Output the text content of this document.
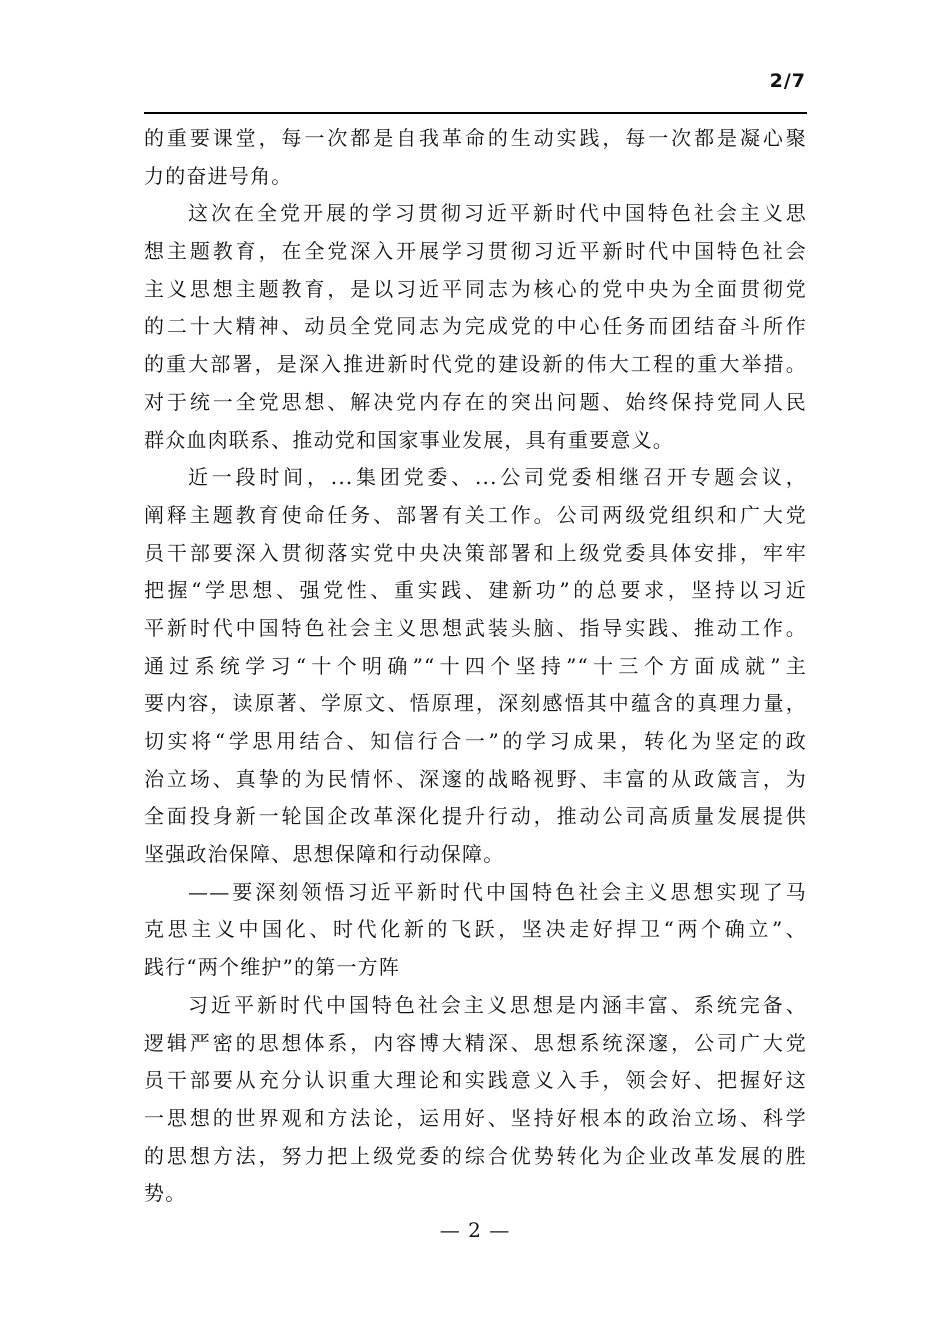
2/7
的重要课堂，每一次都是自我革命的生动实践，每一次都是凝心聚
力的奋进号角。
这次在全党开展的学习贯彻习近平新时代中国特色社会主义思
想主题教育，在全党深入开展学习贯彻习近平新时代中国特色社会
主义思想主题教育，是以习近平同志为核心的党中央为全面贯彻党
的二十大精神、动员全党同志为完成党的中心任务而团结奋斗所作
的重大部署，是深入推进新时代党的建设新的伟大工程的重大举措。
对于统一全党思想、解决党内存在的突出问题、始终保持党同人民
群众血肉联系、推动党和国家事业发展，具有重要意义。
近一段时间，...集团党委、...公司党委相继召开专题会议，
阐释主题教育使命任务、部署有关工作。公司两级党组织和广大党
员干部要深入贯彻落实党中央决策部署和上级党委具体安排，牢牢
把握“学思想、强党性、重实践、建新功”的总要求，坚持以习近
平新时代中国特色社会主义思想武装头脑、指导实践、推动工作。
通过系统学习“十个明确”“十四个坚持”“十三个方面成就”主
要内容，读原著、学原文、悟原理，深刻感悟其中蕴含的真理力量，
切实将“学思用结合、知信行合一”的学习成果，转化为坚定的政
治立场、真挚的为民情怀、深邃的战略视野、丰富的从政箴言，为
全面投身新一轮国企改革深化提升行动，推动公司高质量发展提供
坚强政治保障、思想保障和行动保障。
——要深刻领悟习近平新时代中国特色社会主义思想实现了马
克思主义中国化、时代化新的飞跃，坚决走好捍卫“两个确立”、
践行“两个维护”的第一方阵
习近平新时代中国特色社会主义思想是内涵丰富、系统完备、
逻辑严密的思想体系，内容博大精深、思想系统深邃，公司广大党
员干部要从充分认识重大理论和实践意义入手，领会好、把握好这
一思想的世界观和方法论，运用好、坚持好根本的政治立场、科学
的思想方法，努力把上级党委的综合优势转化为企业改革发展的胜
势。
— 2 —
